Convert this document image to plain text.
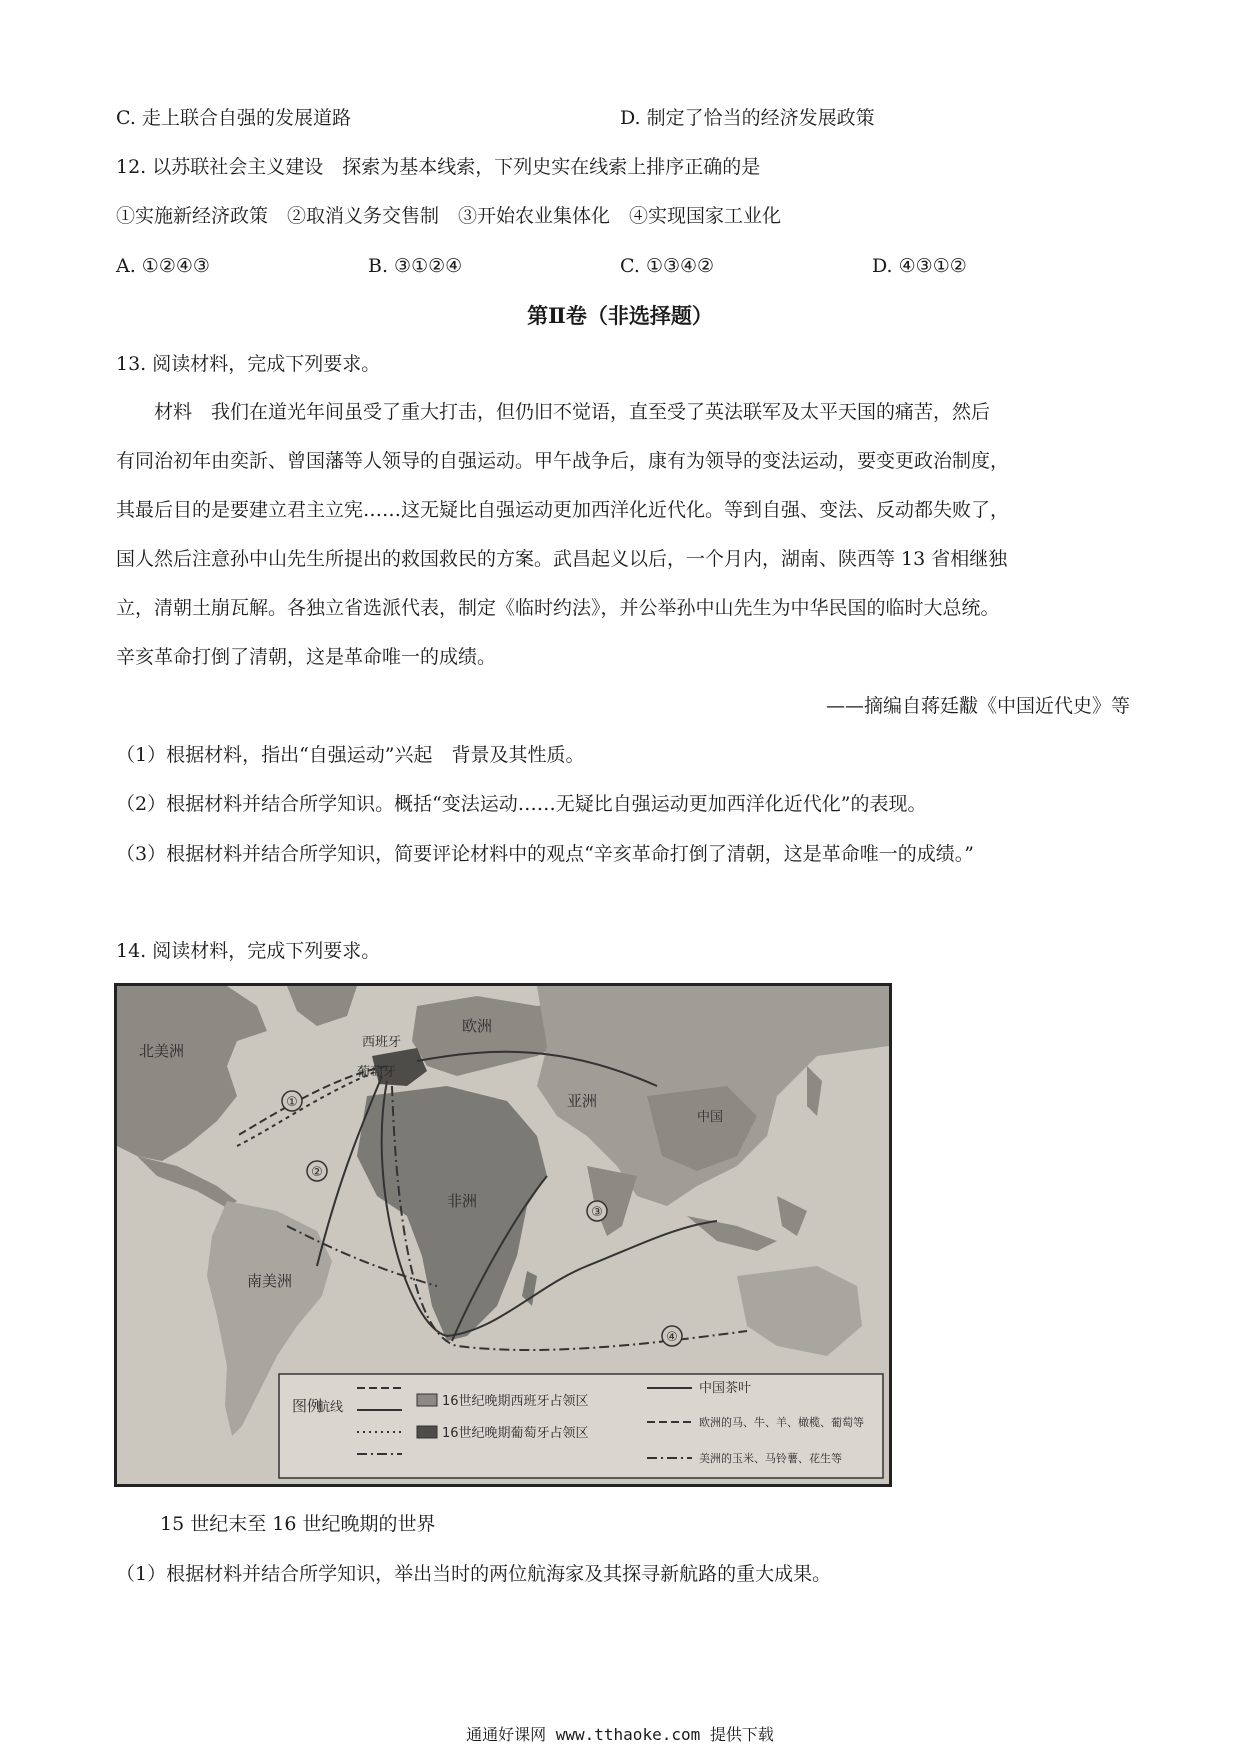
C. 走上联合自强的发展道路	D. 制定了恰当的经济发展政策
12. 以苏联社会主义建设　探索为基本线索，下列史实在线索上排序正确的是
①实施新经济政策　②取消义务交售制　③开始农业集体化　④实现国家工业化
A. ①②④③	B. ③①②④	C. ①③④②	D. ④③①②
第Ⅱ卷（非选择题）
13. 阅读材料，完成下列要求。
　　材料　我们在道光年间虽受了重大打击，但仍旧不觉语，直至受了英法联军及太平天国的痛苦，然后
有同治初年由奕訢、曾国藩等人领导的自强运动。甲午战争后，康有为领导的变法运动，要变更政治制度，
其最后目的是要建立君主立宪……这无疑比自强运动更加西洋化近代化。等到自强、变法、反动都失败了，
国人然后注意孙中山先生所提出的救国救民的方案。武昌起义以后，一个月内，湖南、陕西等 13 省相继独
立，清朝土崩瓦解。各独立省选派代表，制定《临时约法》，并公举孙中山先生为中华民国的临时大总统。
辛亥革命打倒了清朝，这是革命唯一的成绩。
——摘编自蒋廷黻《中国近代史》等
（1）根据材料，指出“自强运动”兴起　背景及其性质。
（2）根据材料并结合所学知识。概括“变法运动……无疑比自强运动更加西洋化近代化”的表现。
（3）根据材料并结合所学知识，简要评论材料中的观点“辛亥革命打倒了清朝，这是革命唯一的成绩。”
14. 阅读材料，完成下列要求。
①
②
③
④
北美洲
欧洲
西班牙
葡萄牙
亚洲
中国
非洲
南美洲
图例
航线	16世纪晚期西班牙占领区
16世纪晚期葡萄牙占领区
中国茶叶
欧洲的马、牛、羊、橄榄、葡萄等
美洲的玉米、马铃薯、花生等
15 世纪末至 16 世纪晚期的世界
（1）根据材料并结合所学知识，举出当时的两位航海家及其探寻新航路的重大成果。
通通好课网 www.tthaoke.com 提供下载
